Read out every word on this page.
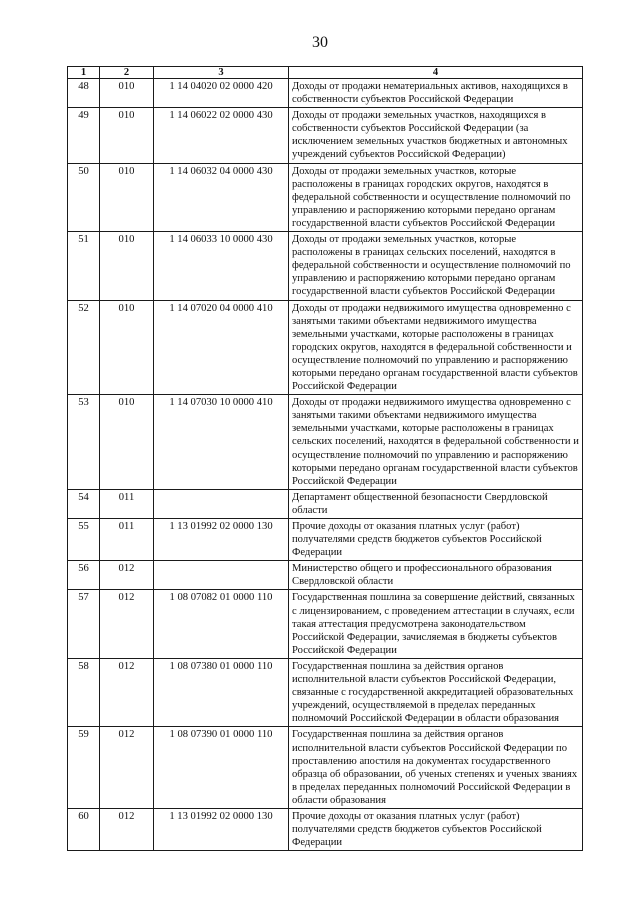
30
1	2	3	4
48	010	1 14 04020 02 0000 420	Доходы от продажи нематериальных активов, находящихся в собственности субъектов Российской Федерации
49	010	1 14 06022 02 0000 430	Доходы от продажи земельных участков, находящихся в собственности субъектов Российской Федерации (за исключением земельных участков бюджетных и автономных учреждений субъектов Российской Федерации)
50	010	1 14 06032 04 0000 430	Доходы от продажи земельных участков, которые расположены в границах городских округов, находятся в федеральной собственности и осуществление полномочий по управлению и распоряжению которыми передано органам государственной власти субъектов Российской Федерации
51	010	1 14 06033 10 0000 430	Доходы от продажи земельных участков, которые расположены в границах сельских поселений, находятся в федеральной собственности и осуществление полномочий по управлению и распоряжению которыми передано органам государственной власти субъектов Российской Федерации
52	010	1 14 07020 04 0000 410	Доходы от продажи недвижимого имущества одновременно с занятыми такими объектами недвижимого имущества земельными участками, которые расположены в границах городских округов, находятся в федеральной собственности и осуществление полномочий по управлению и распоряжению которыми передано органам государственной власти субъектов Российской Федерации
53	010	1 14 07030 10 0000 410	Доходы от продажи недвижимого имущества одновременно с занятыми такими объектами недвижимого имущества земельными участками, которые расположены в границах сельских поселений, находятся в федеральной собственности и осуществление полномочий по управлению и распоряжению которыми передано органам государственной власти субъектов Российской Федерации
54	011		Департамент общественной безопасности Свердловской области
55	011	1 13 01992 02 0000 130	Прочие доходы от оказания платных услуг (работ) получателями средств бюджетов субъектов Российской Федерации
56	012		Министерство общего и профессионального образования Свердловской области
57	012	1 08 07082 01 0000 110	Государственная пошлина за совершение действий, связанных с лицензированием, с проведением аттестации в случаях, если такая аттестация предусмотрена законодательством Российской Федерации, зачисляемая в бюджеты субъектов Российской Федерации
58	012	1 08 07380 01 0000 110	Государственная пошлина за действия органов исполнительной власти субъектов Российской Федерации, связанные с государственной аккредитацией образовательных учреждений, осуществляемой в пределах переданных полномочий Российской Федерации в области образования
59	012	1 08 07390 01 0000 110	Государственная пошлина за действия органов исполнительной власти субъектов Российской Федерации по проставлению апостиля на документах государственного образца об образовании, об ученых степенях и ученых званиях в пределах переданных полномочий Российской Федерации в области образования
60	012	1 13 01992 02 0000 130	Прочие доходы от оказания платных услуг (работ) получателями средств бюджетов субъектов Российской Федерации
